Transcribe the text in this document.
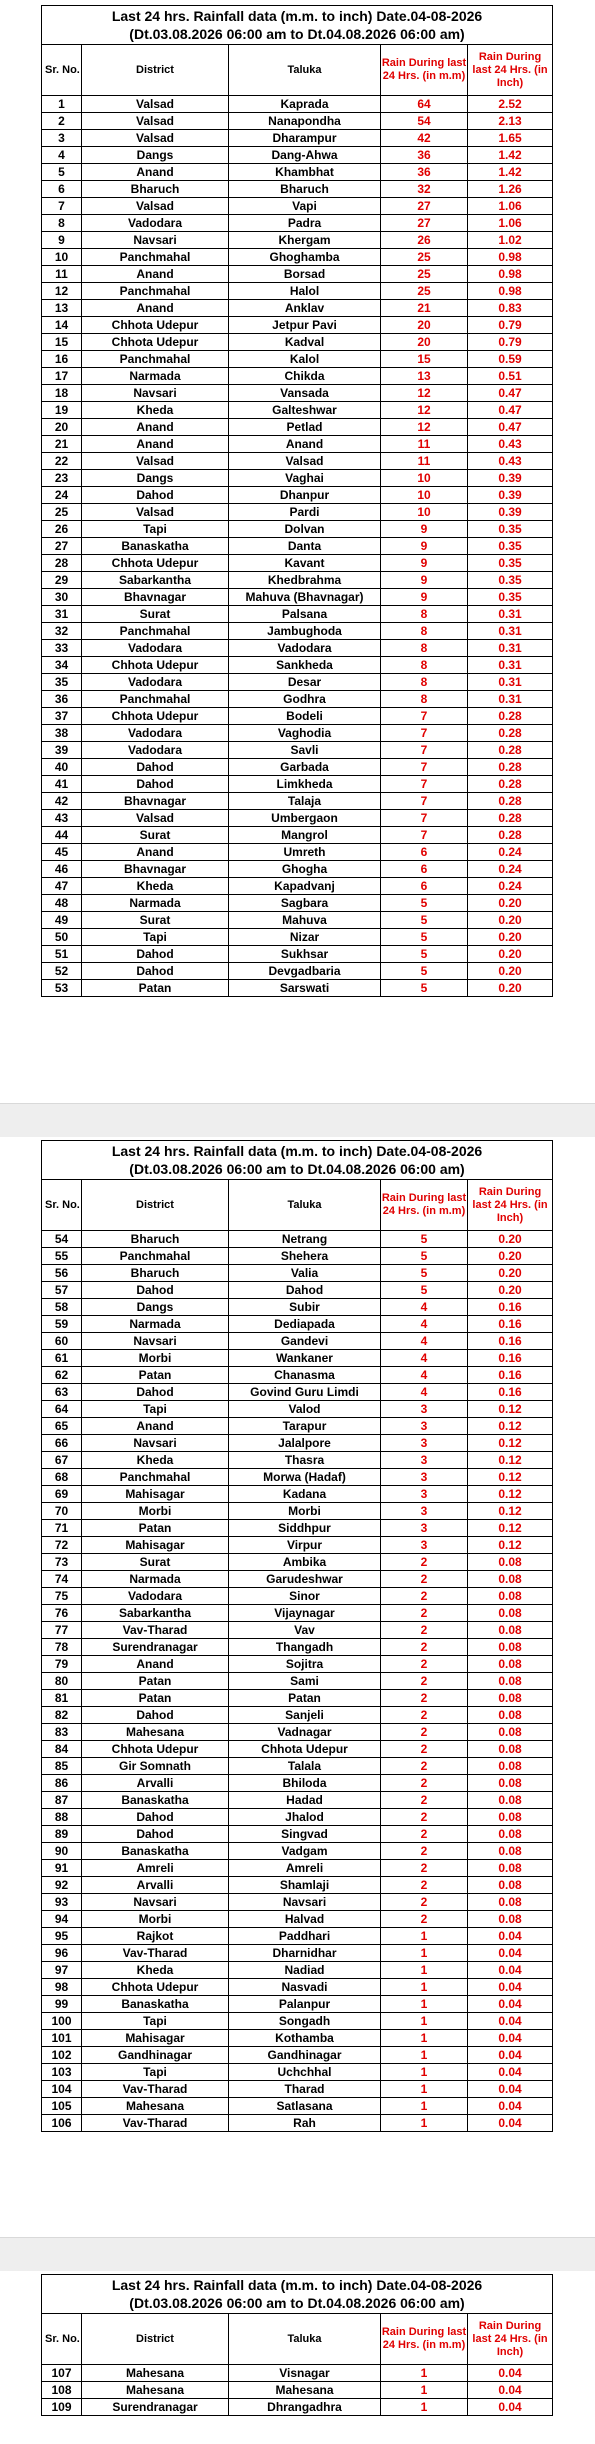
Last 24 hrs. Rainfall data (m.m. to inch) Date.04-08-2026
(Dt.03.08.2026 06:00 am to Dt.04.08.2026 06:00 am)				

Sr. No.	District	Taluka	Rain During last 24 Hrs. (in m.m)	Rain During last 24 Hrs. (in Inch)
1	Valsad	Kaprada	64	2.52
2	Valsad	Nanapondha	54	2.13
3	Valsad	Dharampur	42	1.65
4	Dangs	Dang-Ahwa	36	1.42
5	Anand	Khambhat	36	1.42
6	Bharuch	Bharuch	32	1.26
7	Valsad	Vapi	27	1.06
8	Vadodara	Padra	27	1.06
9	Navsari	Khergam	26	1.02
10	Panchmahal	Ghoghamba	25	0.98
11	Anand	Borsad	25	0.98
12	Panchmahal	Halol	25	0.98
13	Anand	Anklav	21	0.83
14	Chhota Udepur	Jetpur Pavi	20	0.79
15	Chhota Udepur	Kadval	20	0.79
16	Panchmahal	Kalol	15	0.59
17	Narmada	Chikda	13	0.51
18	Navsari	Vansada	12	0.47
19	Kheda	Galteshwar	12	0.47
20	Anand	Petlad	12	0.47
21	Anand	Anand	11	0.43
22	Valsad	Valsad	11	0.43
23	Dangs	Vaghai	10	0.39
24	Dahod	Dhanpur	10	0.39
25	Valsad	Pardi	10	0.39
26	Tapi	Dolvan	9	0.35
27	Banaskatha	Danta	9	0.35
28	Chhota Udepur	Kavant	9	0.35
29	Sabarkantha	Khedbrahma	9	0.35
30	Bhavnagar	Mahuva (Bhavnagar)	9	0.35
31	Surat	Palsana	8	0.31
32	Panchmahal	Jambughoda	8	0.31
33	Vadodara	Vadodara	8	0.31
34	Chhota Udepur	Sankheda	8	0.31
35	Vadodara	Desar	8	0.31
36	Panchmahal	Godhra	8	0.31
37	Chhota Udepur	Bodeli	7	0.28
38	Vadodara	Vaghodia	7	0.28
39	Vadodara	Savli	7	0.28
40	Dahod	Garbada	7	0.28
41	Dahod	Limkheda	7	0.28
42	Bhavnagar	Talaja	7	0.28
43	Valsad	Umbergaon	7	0.28
44	Surat	Mangrol	7	0.28
45	Anand	Umreth	6	0.24
46	Bhavnagar	Ghogha	6	0.24
47	Kheda	Kapadvanj	6	0.24
48	Narmada	Sagbara	5	0.20
49	Surat	Mahuva	5	0.20
50	Tapi	Nizar	5	0.20
51	Dahod	Sukhsar	5	0.20
52	Dahod	Devgadbaria	5	0.20
53	Patan	Sarswati	5	0.20
Last 24 hrs. Rainfall data (m.m. to inch) Date.04-08-2026
(Dt.03.08.2026 06:00 am to Dt.04.08.2026 06:00 am)				

Sr. No.	District	Taluka	Rain During last 24 Hrs. (in m.m)	Rain During last 24 Hrs. (in Inch)
54	Bharuch	Netrang	5	0.20
55	Panchmahal	Shehera	5	0.20
56	Bharuch	Valia	5	0.20
57	Dahod	Dahod	5	0.20
58	Dangs	Subir	4	0.16
59	Narmada	Dediapada	4	0.16
60	Navsari	Gandevi	4	0.16
61	Morbi	Wankaner	4	0.16
62	Patan	Chanasma	4	0.16
63	Dahod	Govind Guru Limdi	4	0.16
64	Tapi	Valod	3	0.12
65	Anand	Tarapur	3	0.12
66	Navsari	Jalalpore	3	0.12
67	Kheda	Thasra	3	0.12
68	Panchmahal	Morwa (Hadaf)	3	0.12
69	Mahisagar	Kadana	3	0.12
70	Morbi	Morbi	3	0.12
71	Patan	Siddhpur	3	0.12
72	Mahisagar	Virpur	3	0.12
73	Surat	Ambika	2	0.08
74	Narmada	Garudeshwar	2	0.08
75	Vadodara	Sinor	2	0.08
76	Sabarkantha	Vijaynagar	2	0.08
77	Vav-Tharad	Vav	2	0.08
78	Surendranagar	Thangadh	2	0.08
79	Anand	Sojitra	2	0.08
80	Patan	Sami	2	0.08
81	Patan	Patan	2	0.08
82	Dahod	Sanjeli	2	0.08
83	Mahesana	Vadnagar	2	0.08
84	Chhota Udepur	Chhota Udepur	2	0.08
85	Gir Somnath	Talala	2	0.08
86	Arvalli	Bhiloda	2	0.08
87	Banaskatha	Hadad	2	0.08
88	Dahod	Jhalod	2	0.08
89	Dahod	Singvad	2	0.08
90	Banaskatha	Vadgam	2	0.08
91	Amreli	Amreli	2	0.08
92	Arvalli	Shamlaji	2	0.08
93	Navsari	Navsari	2	0.08
94	Morbi	Halvad	2	0.08
95	Rajkot	Paddhari	1	0.04
96	Vav-Tharad	Dharnidhar	1	0.04
97	Kheda	Nadiad	1	0.04
98	Chhota Udepur	Nasvadi	1	0.04
99	Banaskatha	Palanpur	1	0.04
100	Tapi	Songadh	1	0.04
101	Mahisagar	Kothamba	1	0.04
102	Gandhinagar	Gandhinagar	1	0.04
103	Tapi	Uchchhal	1	0.04
104	Vav-Tharad	Tharad	1	0.04
105	Mahesana	Satlasana	1	0.04
106	Vav-Tharad	Rah	1	0.04
Last 24 hrs. Rainfall data (m.m. to inch) Date.04-08-2026
(Dt.03.08.2026 06:00 am to Dt.04.08.2026 06:00 am)				

Sr. No.	District	Taluka	Rain During last 24 Hrs. (in m.m)	Rain During last 24 Hrs. (in Inch)
107	Mahesana	Visnagar	1	0.04
108	Mahesana	Mahesana	1	0.04
109	Surendranagar	Dhrangadhra	1	0.04
